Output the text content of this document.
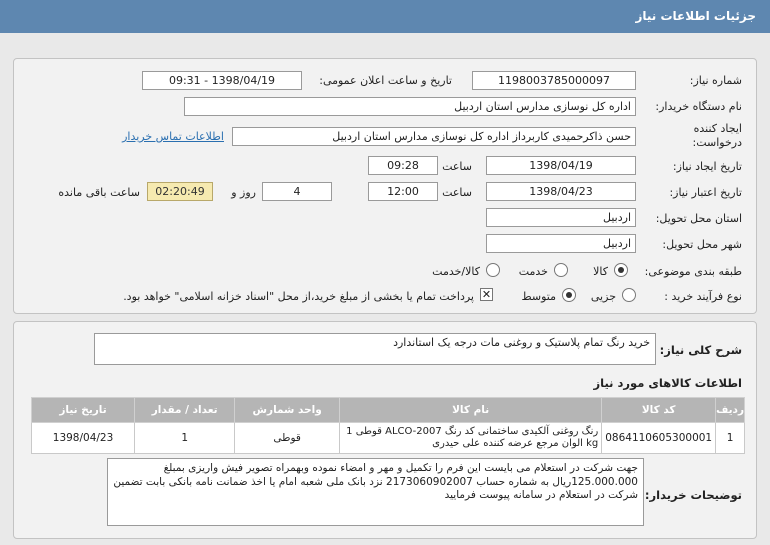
جزئیات اطلاعات نیاز
شماره نیاز:
1198003785000097
تاریخ و ساعت اعلان عمومی:
1398/04/19 - 09:31
نام دستگاه خریدار:
اداره کل نوسازی مدارس استان اردبیل
ایجاد کننده
درخواست:
حسن ذاکرحمیدی کاربرداز اداره کل نوسازی مدارس استان اردبیل
اطلاعات تماس خریدار
تاریخ ایجاد نیاز:
1398/04/19
ساعت
09:28
تاریخ اعتبار نیاز:
1398/04/23
ساعت
12:00
4
روز و
02:20:49
ساعت باقی مانده
استان محل تحویل:
اردبیل
شهر محل تحویل:
اردبیل
طبقه بندی موضوعی:
کالا
خدمت
کالا/خدمت
نوع فرآیند خرید :
جزیی
متوسط
✕
پرداخت تمام یا بخشی از مبلغ خرید،از محل "اسناد خزانه اسلامی" خواهد بود.
شرح کلی نیاز:
خرید رنگ تمام پلاستیک و روغنی مات درجه یک استاندارد
اطلاعات کالاهای مورد نیاز
ردیف	کد کالا	نام کالا	واحد شمارش	تعداد / مقدار	تاریخ نیاز
1	0864110605300001	رنگ روغنی آلکیدی ساختمانی کد رنگ ALCO-2007 قوطی 1 kg الوان مرجع عرضه کننده علی حیدری	قوطی	1	1398/04/23
توضیحات خریدار:
جهت شرکت در استعلام می بایست این فرم را تکمیل و مهر و امضاء نموده وبهمراه تصویر فیش واریزی بمبلغ 125.000.000ریال به شماره حساب 2173060902007 نزد بانک ملی شعبه امام یا اخذ ضمانت نامه بانکی بابت تضمین شرکت در استعلام در سامانه پیوست فرمایید
